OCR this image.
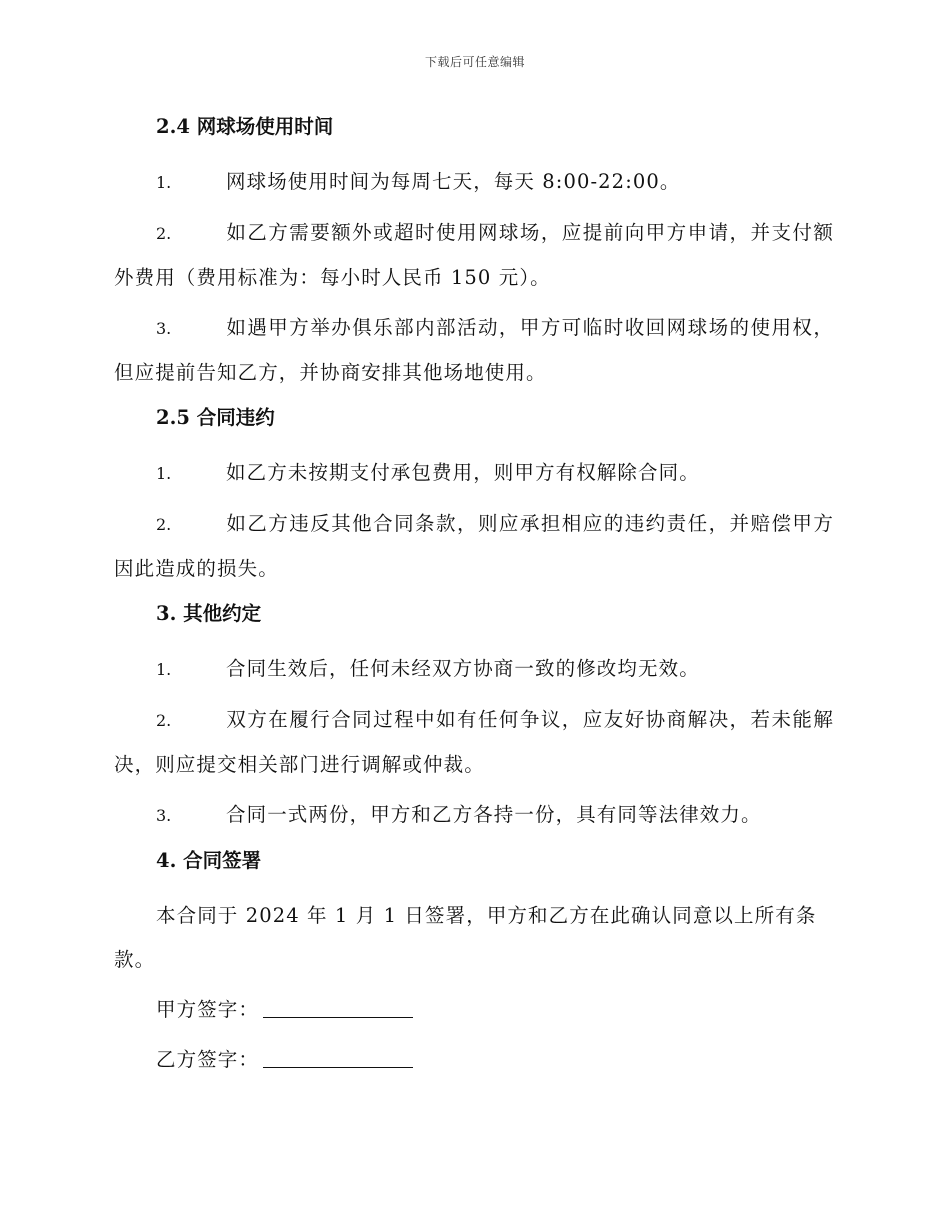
下载后可任意编辑
2.4 网球场使用时间
1.	网球场使用时间为每周七天，每天 8:00-22:00。
2.	如乙方需要额外或超时使用网球场，应提前向甲方申请，并支付额外费用（费用标准为：每小时人民币 150 元）。
3.	如遇甲方举办俱乐部内部活动，甲方可临时收回网球场的使用权，但应提前告知乙方，并协商安排其他场地使用。
2.5 合同违约
1.	如乙方未按期支付承包费用，则甲方有权解除合同。
2.	如乙方违反其他合同条款，则应承担相应的违约责任，并赔偿甲方因此造成的损失。
3. 其他约定
1.	合同生效后，任何未经双方协商一致的修改均无效。
2.	双方在履行合同过程中如有任何争议，应友好协商解决，若未能解决，则应提交相关部门进行调解或仲裁。
3.	合同一式两份，甲方和乙方各持一份，具有同等法律效力。
4. 合同签署
本合同于 2024 年 1 月 1 日签署，甲方和乙方在此确认同意以上所有条款。
甲方签字：
乙方签字：
